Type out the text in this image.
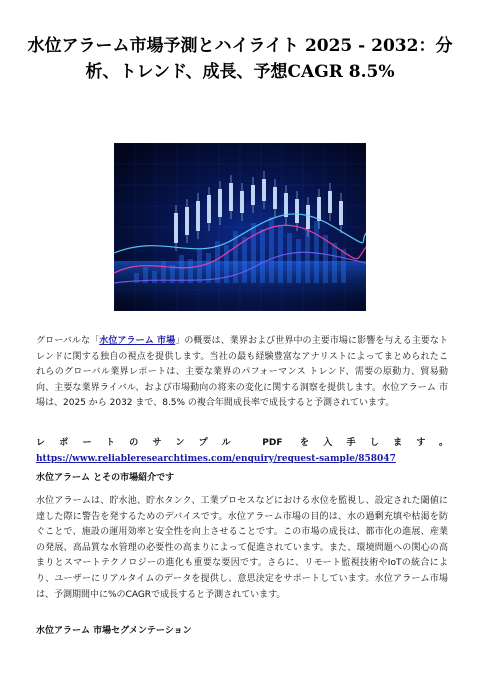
水位アラーム市場予測とハイライト 2025 - 2032：分析、トレンド、成長、予想CAGR 8.5%

グローバルな「水位アラーム 市場」の概要は、業界および世界中の主要市場に影響を与える主要なトレンドに関する独自の視点を提供します。当社の最も経験豊富なアナリストによってまとめられたこれらのグローバル業界レポートは、主要な業界のパフォーマンス トレンド、需要の原動力、貿易動向、主要な業界ライバル、および市場動向の将来の変化に関する洞察を提供します。水位アラーム 市場は、2025 から 2032 まで、8.5% の複合年間成長率で成長すると予測されています。

レポートのサンプル PDF を入手します。 https://www.reliableresearchtimes.com/enquiry/request-sample/858047

水位アラーム とその市場紹介です

水位アラームは、貯水池、貯水タンク、工業プロセスなどにおける水位を監視し、設定された閾値に達した際に警告を発するためのデバイスです。水位アラーム市場の目的は、水の過剰充填や枯渇を防ぐことで、施設の運用効率と安全性を向上させることです。この市場の成長は、都市化の進展、産業の発展、高品質な水管理の必要性の高まりによって促進されています。また、環境問題への関心の高まりとスマートテクノロジーの進化も重要な要因です。さらに、リモート監視技術やIoTの統合により、ユーザーにリアルタイムのデータを提供し、意思決定をサポートしています。水位アラーム市場は、予測期間中に%のCAGRで成長すると予測されています。

水位アラーム 市場セグメンテーション
